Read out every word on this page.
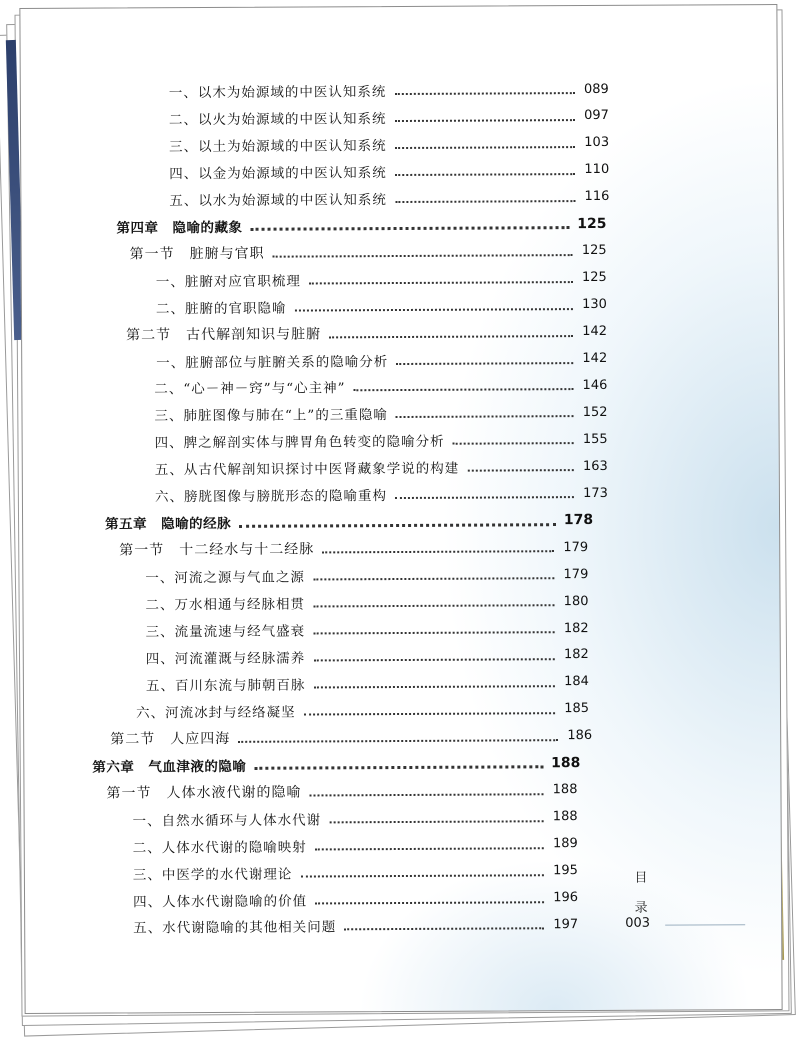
一、以木为始源域的中医认知系统	089
二、以火为始源域的中医认知系统	097
三、以土为始源域的中医认知系统	103
四、以金为始源域的中医认知系统	110
五、以水为始源域的中医认知系统	116
第四章　隐喻的藏象	125
第一节　脏腑与官职	125
一、脏腑对应官职梳理	125
二、脏腑的官职隐喻	130
第二节　古代解剖知识与脏腑	142
一、脏腑部位与脏腑关系的隐喻分析	142
二、“心－神－窍”与“心主神”	146
三、肺脏图像与肺在“上”的三重隐喻	152
四、脾之解剖实体与脾胃角色转变的隐喻分析	155
五、从古代解剖知识探讨中医肾藏象学说的构建	163
六、膀胱图像与膀胱形态的隐喻重构	173
第五章　隐喻的经脉	178
第一节　十二经水与十二经脉	179
一、河流之源与气血之源	179
二、万水相通与经脉相贯	180
三、流量流速与经气盛衰	182
四、河流灌溉与经脉濡养	182
五、百川东流与肺朝百脉	184
六、河流冰封与经络凝坚	185
第二节　人应四海	186
第六章　气血津液的隐喻	188
第一节　人体水液代谢的隐喻	188
一、自然水循环与人体水代谢	188
二、人体水代谢的隐喻映射	189
三、中医学的水代谢理论	195
四、人体水代谢隐喻的价值	196
五、水代谢隐喻的其他相关问题	197
目
录
003
